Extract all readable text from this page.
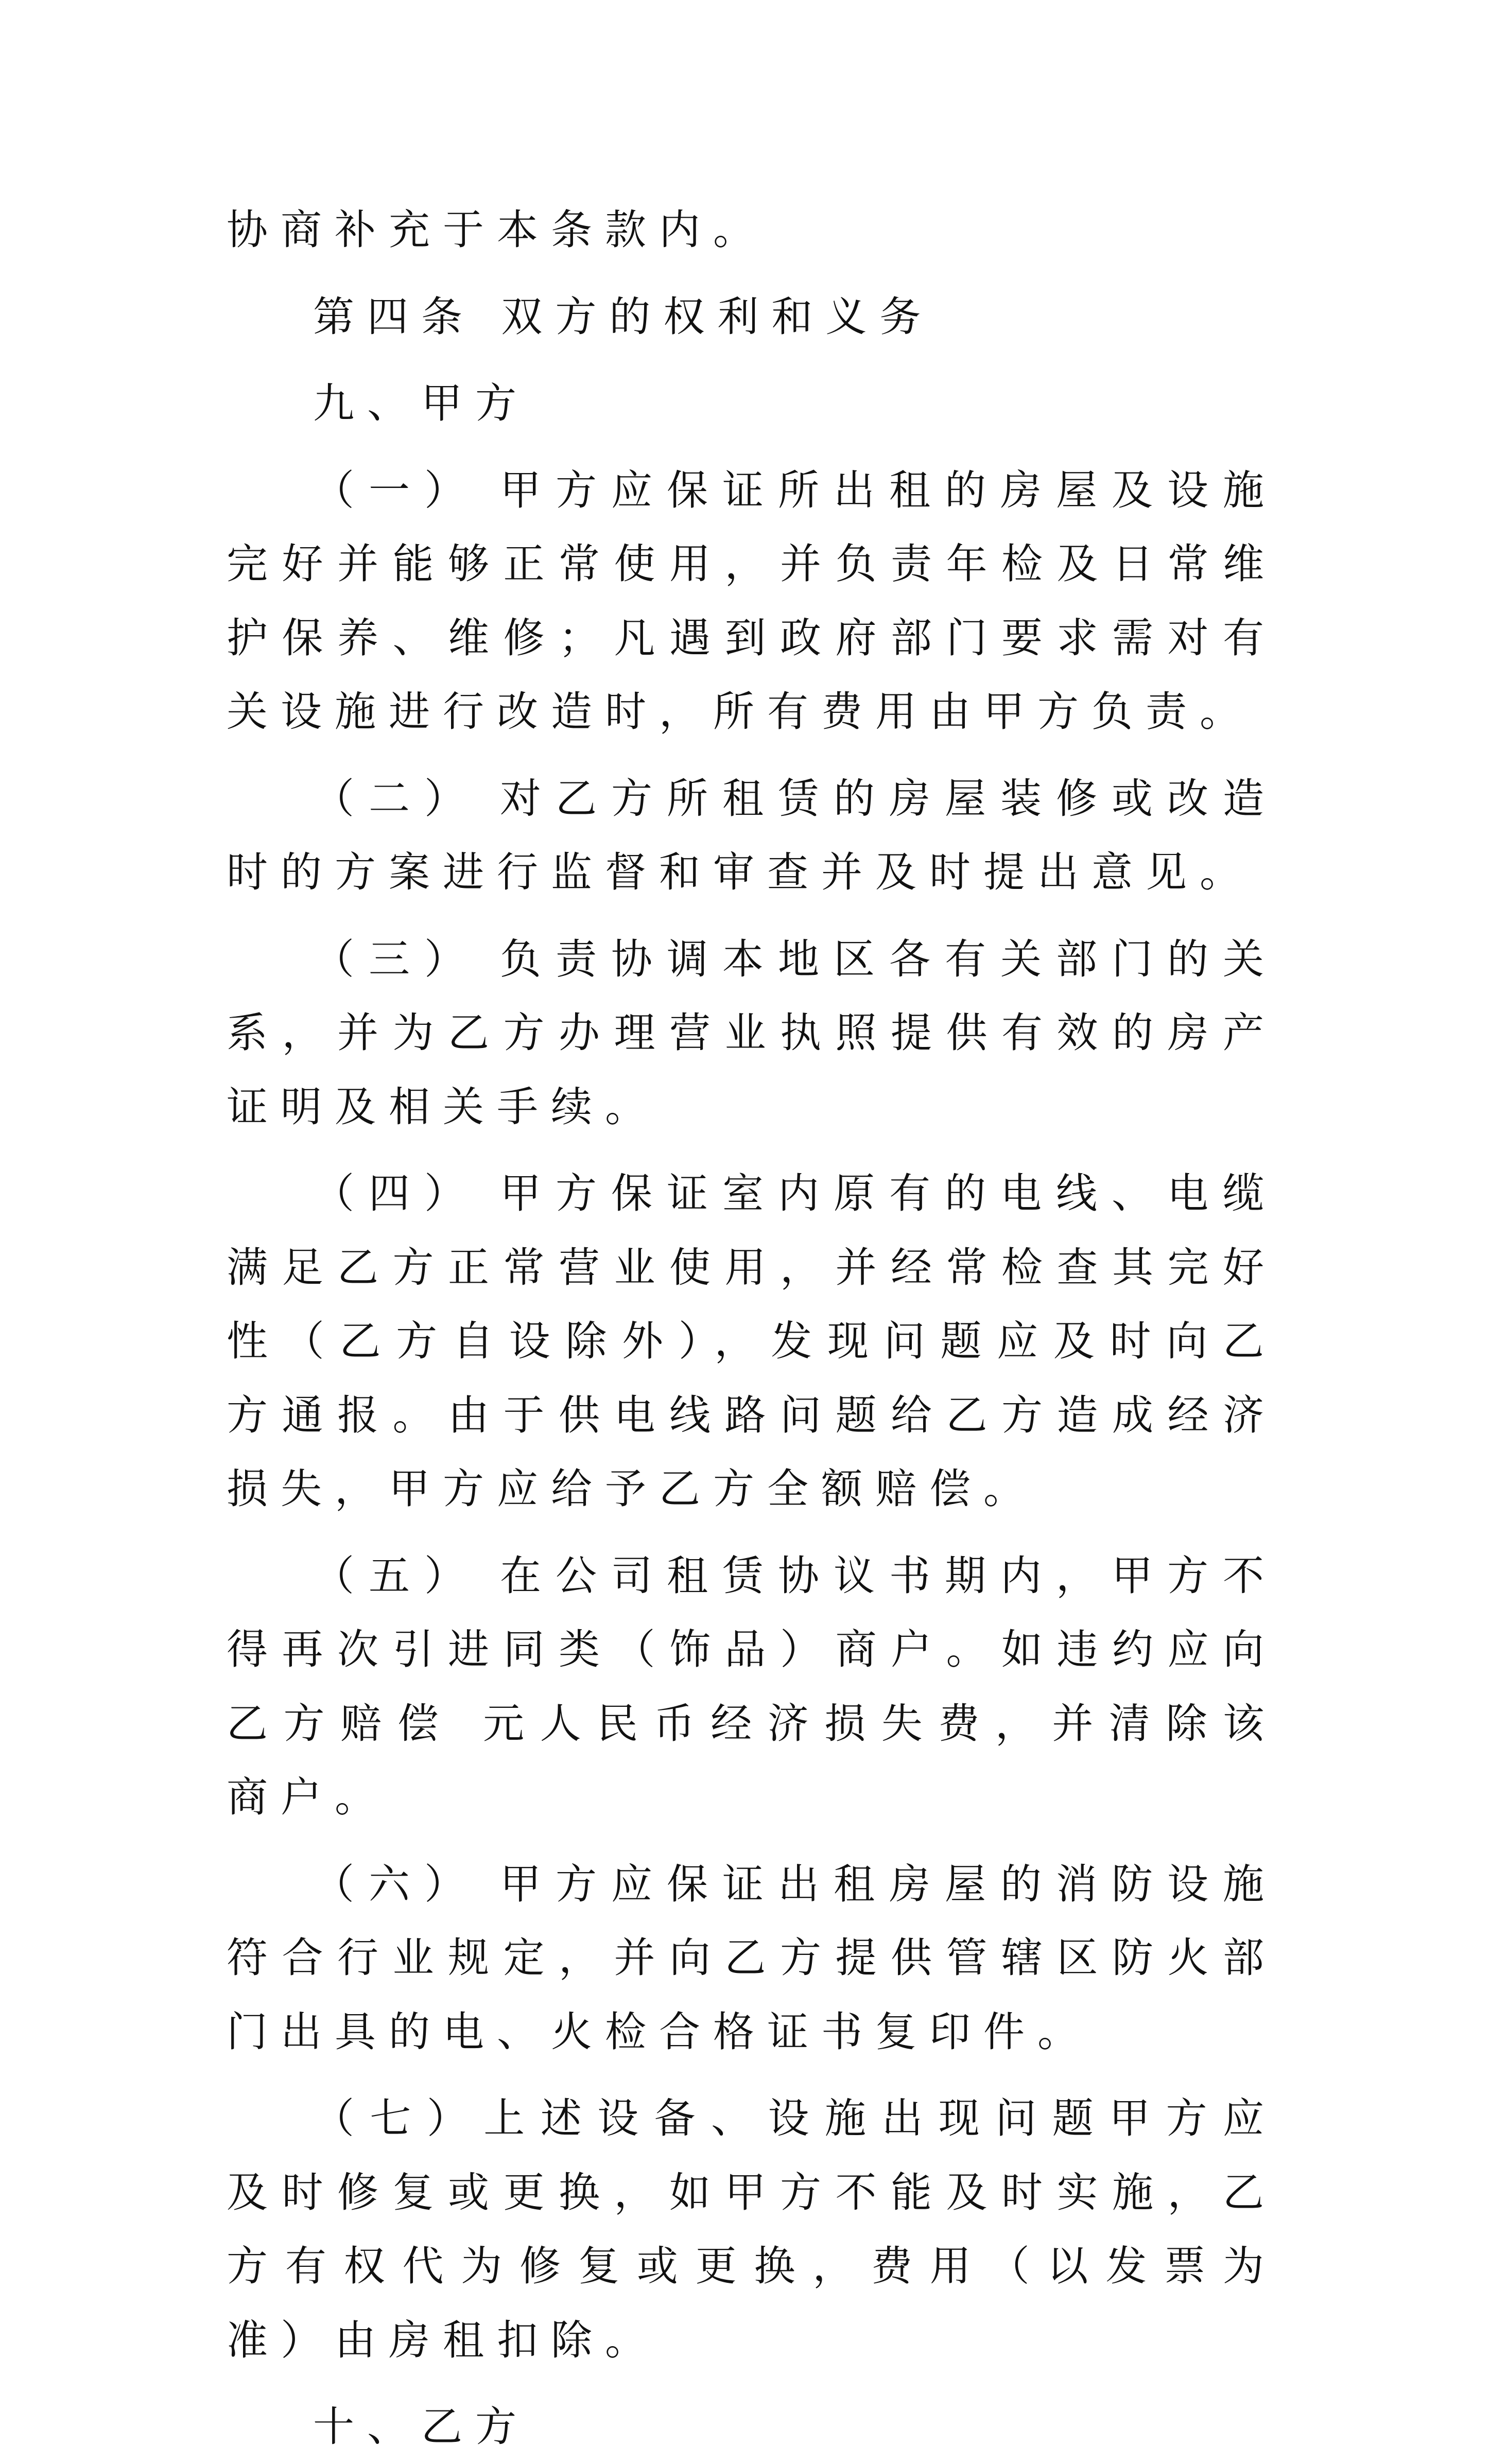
协商补充于本条款内。

第四条 双方的权利和义务

九、甲方

（一） 甲方应保证所出租的房屋及设施完好并能够正常使用，并负责年检及日常维护保养、维修；凡遇到政府部门要求需对有关设施进行改造时，所有费用由甲方负责。

（二） 对乙方所租赁的房屋装修或改造时的方案进行监督和审查并及时提出意见。

（三） 负责协调本地区各有关部门的关系，并为乙方办理营业执照提供有效的房产证明及相关手续。

（四） 甲方保证室内原有的电线、电缆满足乙方正常营业使用，并经常检查其完好性（乙方自设除外），发现问题应及时向乙方通报。由于供电线路问题给乙方造成经济损失，甲方应给予乙方全额赔偿。

（五） 在公司租赁协议书期内，甲方不得再次引进同类（饰品）商户。如违约应向乙方赔偿 元人民币经济损失费，并清除该商户。

（六） 甲方应保证出租房屋的消防设施符合行业规定，并向乙方提供管辖区防火部门出具的电、火检合格证书复印件。

（七）上述设备、设施出现问题甲方应及时修复或更换，如甲方不能及时实施，乙方有权代为修复或更换，费用（以发票为准）由房租扣除。

十、乙方
